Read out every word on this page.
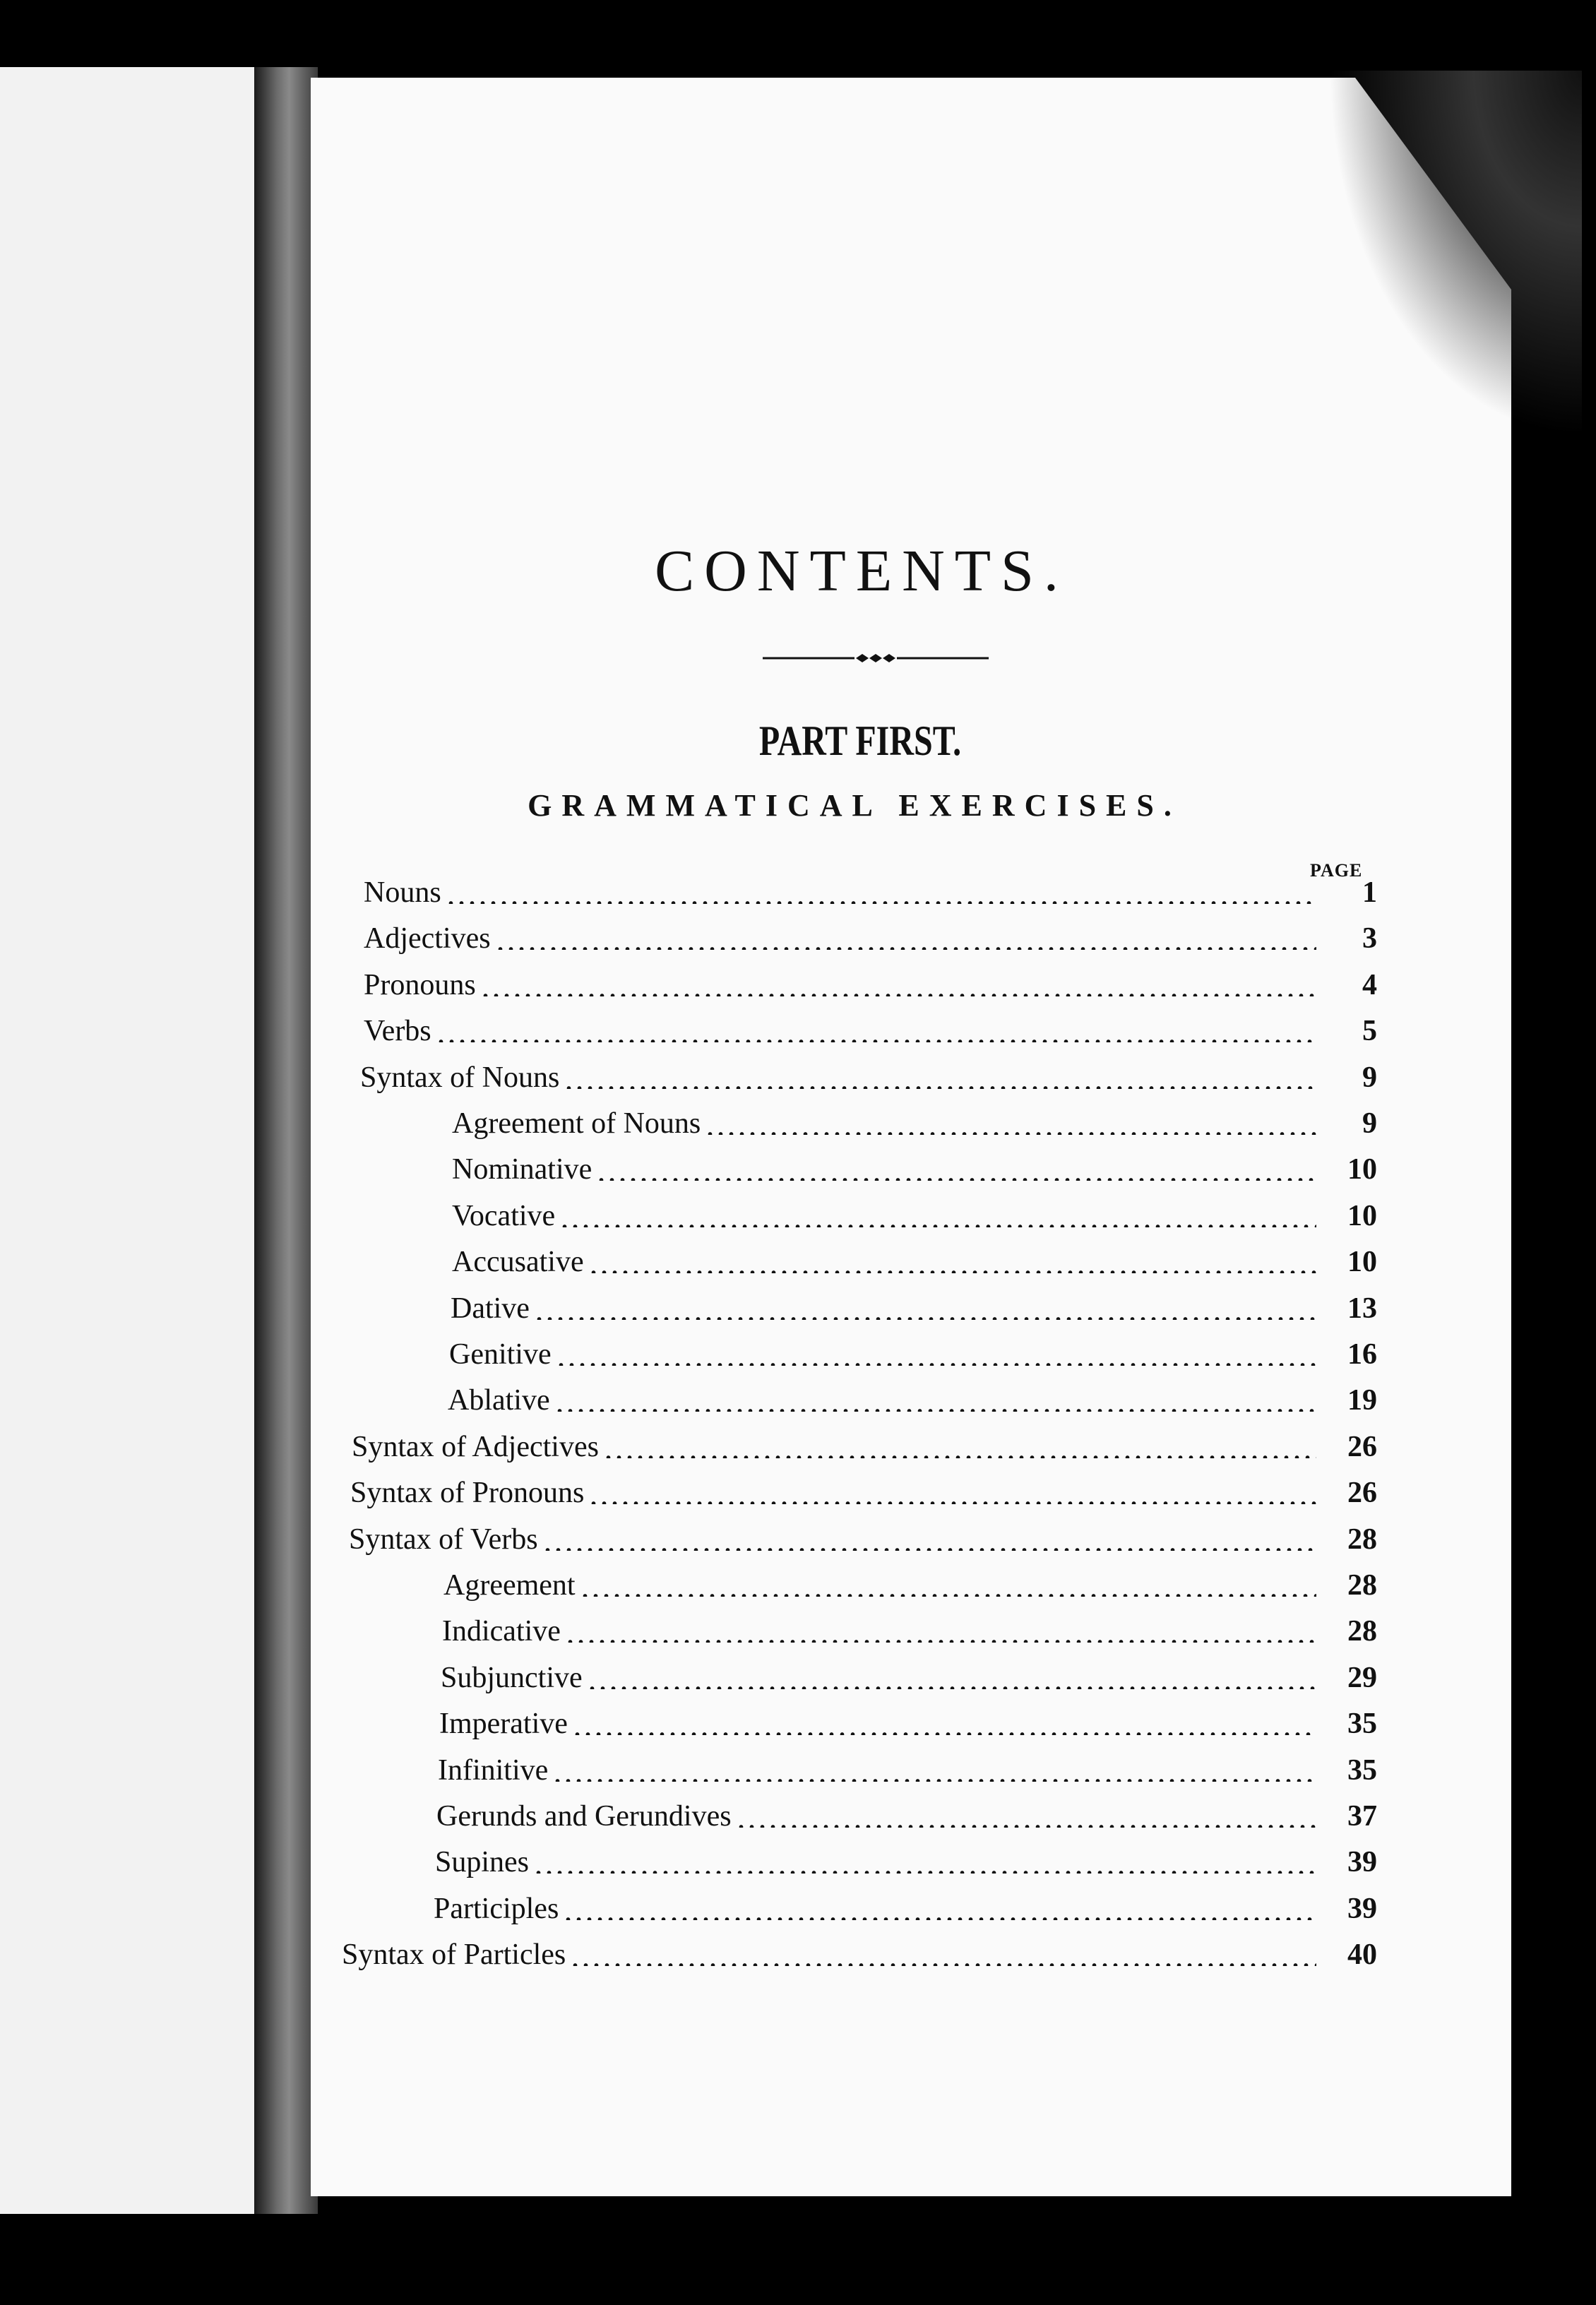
CONTENTS.
PART FIRST.
GRAMMATICAL EXERCISES.
PAGE
Nouns	1
Adjectives	3
Pronouns	4
Verbs	5
Syntax of Nouns	9
Agreement of Nouns	9
Nominative	10
Vocative	10
Accusative	10
Dative	13
Genitive	16
Ablative	19
Syntax of Adjectives	26
Syntax of Pronouns	26
Syntax of Verbs	28
Agreement	28
Indicative	28
Subjunctive	29
Imperative	35
Infinitive	35
Gerunds and Gerundives	37
Supines	39
Participles	39
Syntax of Particles	40
